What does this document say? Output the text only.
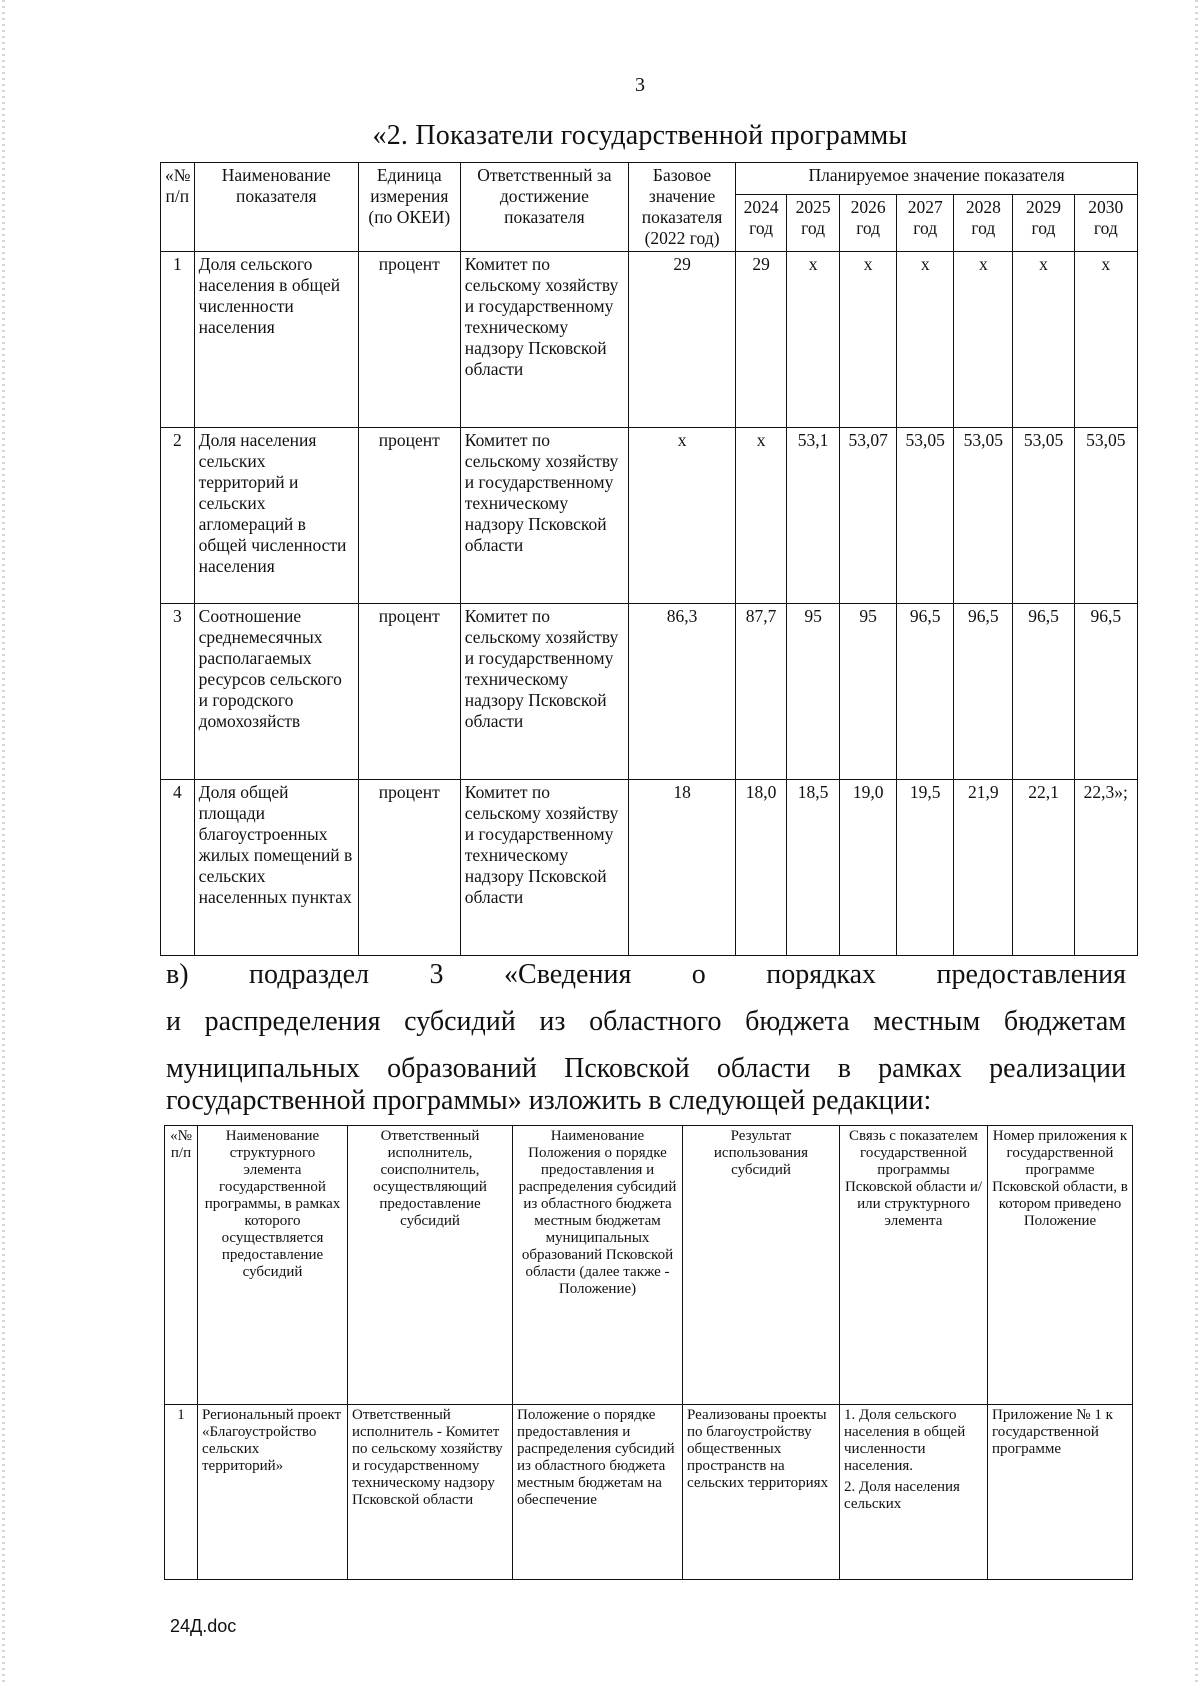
3
«2. Показатели государственной программы
«№ п/п	Наименование показателя	Единица измерения (по ОКЕИ)	Ответственный за достижение показателя	Базовое значение показателя (2022 год)	Планируемое значение показателя						
					2024 год	2025 год	2026 год	2027 год	2028 год	2029 год	2030 год
1	Доля сельского населения в общей численности населения	процент	Комитет по сельскому хозяйству и государственному техническому надзору Псковской области	29	29	х	х	х	х	х	х
2	Доля населения сельских территорий и сельских агломераций в общей численности населения	процент	Комитет по сельскому хозяйству и государственному техническому надзору Псковской области	х	х	53,1	53,07	53,05	53,05	53,05	53,05
3	Соотношение среднемесячных располагаемых ресурсов сельского и городского домохозяйств	процент	Комитет по сельскому хозяйству и государственному техническому надзору Псковской области	86,3	87,7	95	95	96,5	96,5	96,5	96,5
4	Доля общей площади благоустроенных жилых помещений в сельских населенных пунктах	процент	Комитет по сельскому хозяйству и государственному техническому надзору Псковской области	18	18,0	18,5	19,0	19,5	21,9	22,1	22,3»;
в) подраздел 3 «Сведения о порядках предоставления
и распределения субсидий из областного бюджета местным бюджетам
муниципальных образований Псковской области в рамках реализации
государственной программы» изложить в следующей редакции:
«№ п/п	Наименование структурного элемента государственной программы, в рамках которого осуществляется предоставление субсидий	Ответственный исполнитель, соисполнитель, осуществляющий предоставление субсидий	Наименование Положения о порядке предоставления и распределения субсидий из областного бюджета местным бюджетам муниципальных образований Псковской области (далее также - Положение)	Результат использования субсидий	Связь с показателем государственной программы Псковской области и/ или структурного элемента	Номер приложения к государственной программе Псковской области, в котором приведено Положение
1	Региональный проект «Благоустройство сельских территорий»	Ответственный исполнитель - Комитет по сельскому хозяйству и государственному техническому надзору Псковской области	Положение о порядке предоставления и распределения субсидий из областного бюджета местным бюджетам на обеспечение	Реализованы проекты по благоустройству общественных пространств на сельских территориях	1. Доля сельского населения в общей численности населения.
2. Доля населения сельских	Приложение № 1 к государственной программе
24Д.doc
